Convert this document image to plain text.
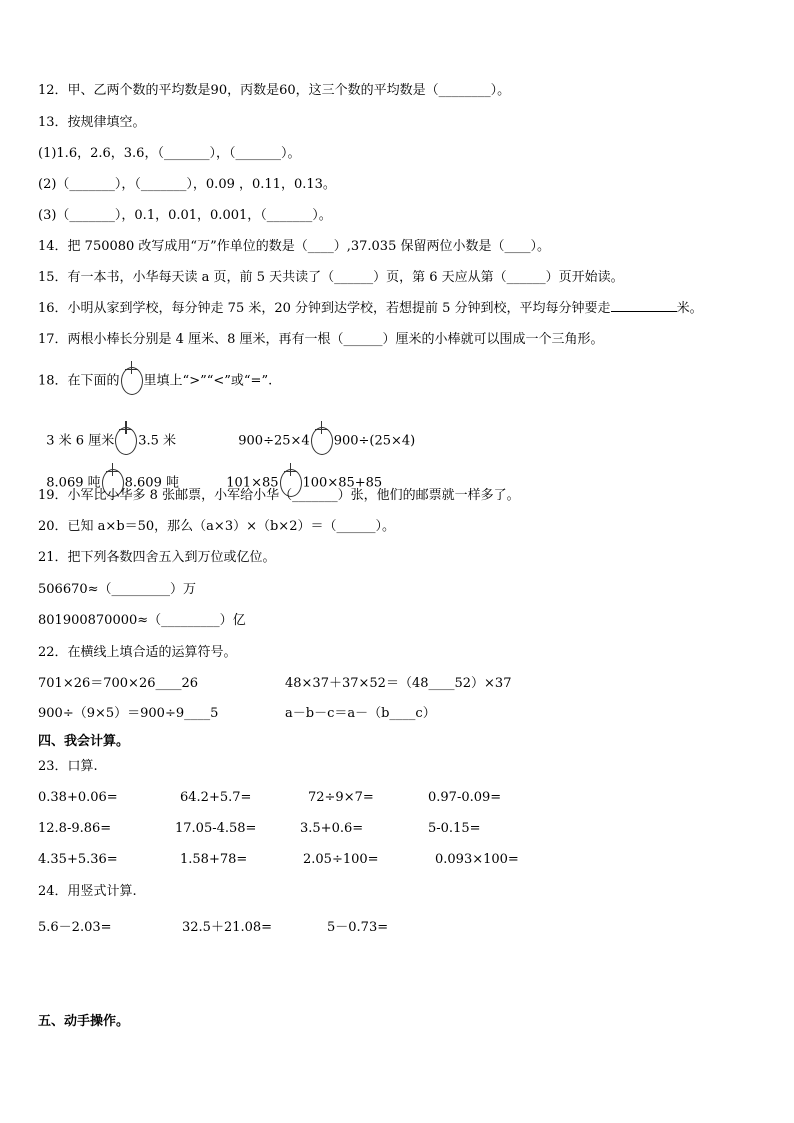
12．甲、乙两个数的平均数是90，丙数是60，这三个数的平均数是（________）。
13．按规律填空。
(1)1.6，2.6，3.6，（_______），（_______）。
(2)（_______），（_______），0.09 ，0.11，0.13。
(3)（_______），0.1，0.01，0.001，（_______）。
14．把 750080 改写成用“万”作单位的数是（____）,37.035 保留两位小数是（____）。
15．有一本书，小华每天读 a 页，前 5 天共读了（______）页，第 6 天应从第（______）页开始读。
16．小明从家到学校，每分钟走 75 米，20 分钟到达学校，若想提前 5 分钟到校，平均每分钟要走	米。
17．两根小棒长分别是 4 厘米、8 厘米，再有一根（______）厘米的小棒就可以围成一个三角形。
18．在下面的 里填上“>”“<”或“=”.

3 米 6 厘米 3.5 米	900÷25×4 900÷(25×4)

8.069 吨 8.609 吨	101×85 100×85+85

19．小军比小华多 8 张邮票，小军给小华（_______）张，他们的邮票就一样多了。
20．已知 a×b＝50，那么（a×3）×（b×2）＝（______）。
21．把下列各数四舍五入到万位或亿位。
506670≈（_________）万
801900870000≈（_________）亿
22．在横线上填合适的运算符号。
701×26＝700×26____26	48×37＋37×52＝（48____52）×37
900÷（9×5）＝900÷9____5	a－b－c＝a－（b____c）
四、我会计算。
23．口算.
0.38+0.06=	64.2+5.7=	72÷9×7=	0.97-0.09=
12.8-9.86=	17.05-4.58=	3.5+0.6=	5-0.15=
4.35+5.36=	1.58+78=	2.05÷100=	0.093×100=
24．用竖式计算.
5.6－2.03=	32.5＋21.08=	5－0.73=
五、动手操作。
